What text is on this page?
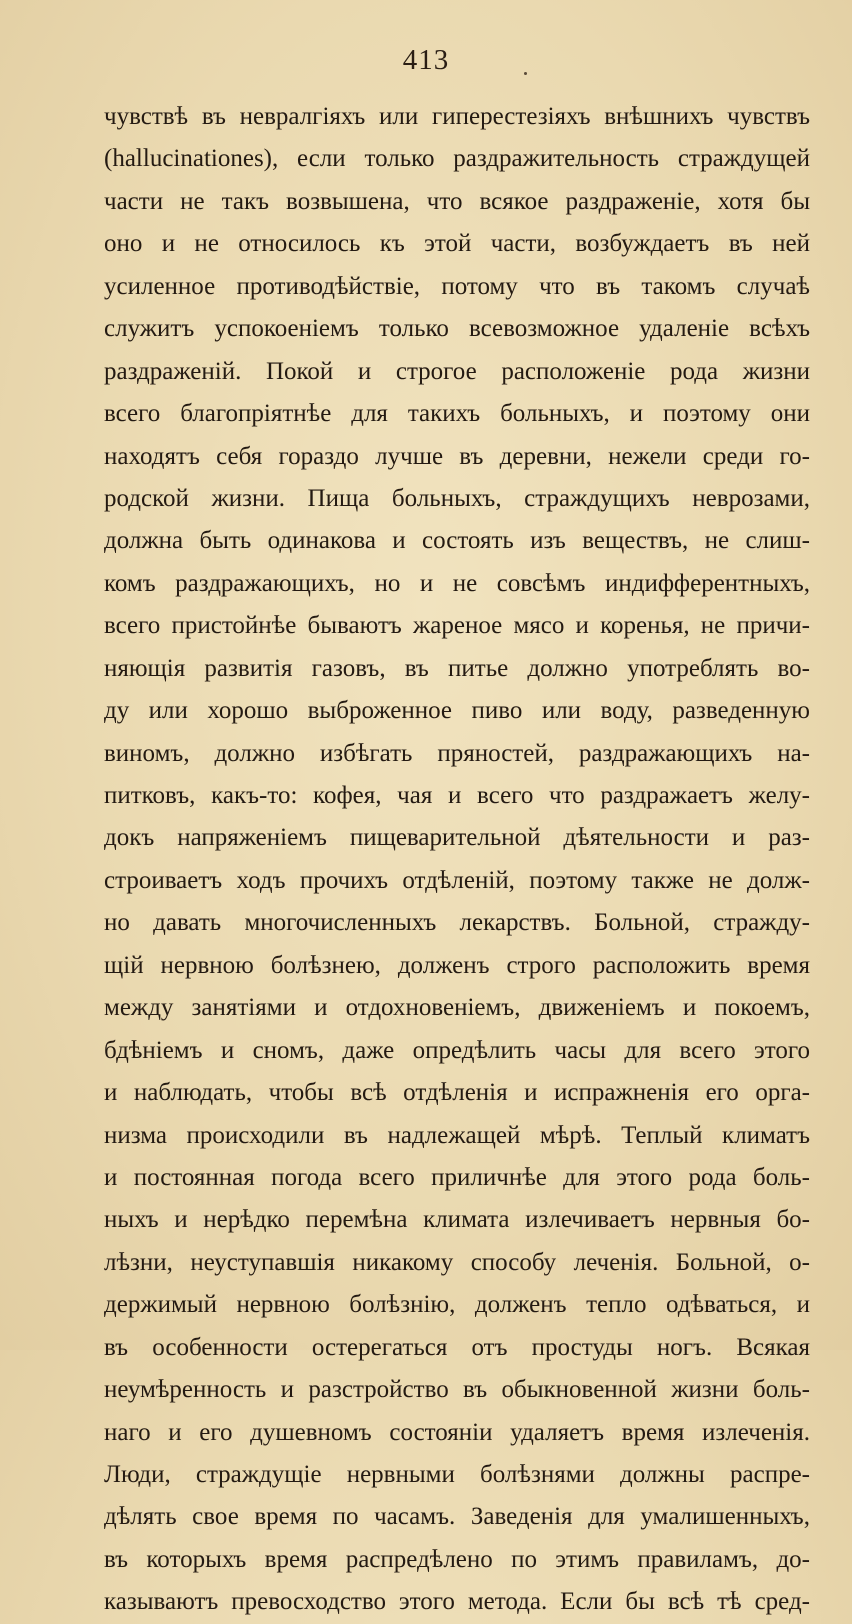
413
чувствѣ въ невралгіяхъ или гиперестезіяхъ внѣшнихъ чувствъ
(hallucinationes), если только раздражительность страждущей
части не такъ возвышена, что всякое раздраженіе, хотя бы
оно и не относилось къ этой части, возбуждаетъ въ ней
усиленное противодѣйствіе, потому что въ такомъ случаѣ
служитъ успокоеніемъ только всевозможное удаленіе всѣхъ
раздраженій. Покой и строгое расположеніе рода жизни
всего благопріятнѣе для такихъ больныхъ, и поэтому они
находятъ себя гораздо лучше въ деревни, нежели среди го-
родской жизни. Пища больныхъ, страждущихъ неврозами,
должна быть одинакова и состоять изъ веществъ, не слиш-
комъ раздражающихъ, но и не совсѣмъ индифферентныхъ,
всего пристойнѣе бываютъ жареное мясо и коренья, не причи-
няющія развитія газовъ, въ питье должно употреблять во-
ду или хорошо выброженное пиво или воду, разведенную
виномъ, должно избѣгать пряностей, раздражающихъ на-
питковъ, какъ-то: кофея, чая и всего что раздражаетъ желу-
докъ напряженіемъ пищеварительной дѣятельности и раз-
строиваетъ ходъ прочихъ отдѣленій, поэтому также не долж-
но давать многочисленныхъ лекарствъ. Больной, стражду-
щій нервною болѣзнею, долженъ строго расположить время
между занятіями и отдохновеніемъ, движеніемъ и покоемъ,
бдѣніемъ и сномъ, даже опредѣлить часы для всего этого
и наблюдать, чтобы всѣ отдѣленія и испражненія его орга-
низма происходили въ надлежащей мѣрѣ. Теплый климатъ
и постоянная погода всего приличнѣе для этого рода боль-
ныхъ и нерѣдко перемѣна климата излечиваетъ нервныя бо-
лѣзни, неуступавшія никакому способу леченія. Больной, о-
держимый нервною болѣзнію, долженъ тепло одѣваться, и
въ особенности остерегаться отъ простуды ногъ. Всякая
неумѣренность и разстройство въ обыкновенной жизни боль-
наго и его душевномъ состояніи удаляетъ время излеченія.
Люди, страждущіе нервными болѣзнями должны распре-
дѣлять свое время по часамъ. Заведенія для умалишенныхъ,
въ которыхъ время распредѣлено по этимъ правиламъ, до-
казываютъ превосходство этого метода. Если бы всѣ тѣ сред-
